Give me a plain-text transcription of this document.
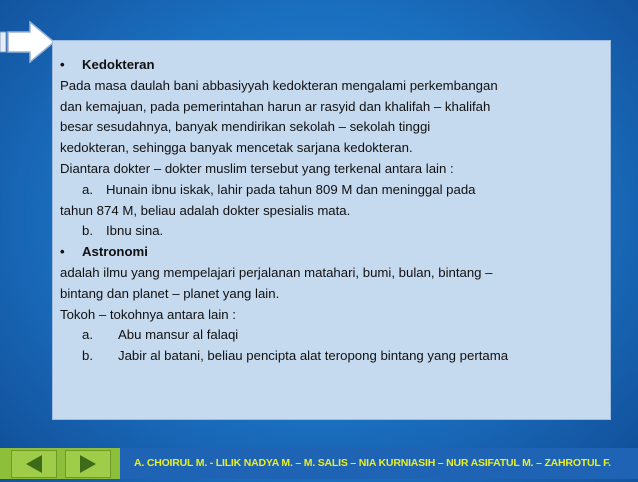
• Kedokteran
Pada masa daulah bani abbasiyyah kedokteran mengalami perkembangan
dan kemajuan, pada pemerintahan harun ar rasyid dan khalifah – khalifah
besar sesudahnya, banyak mendirikan sekolah – sekolah tinggi
kedokteran, sehingga banyak mencetak sarjana kedokteran.
Diantara dokter – dokter muslim tersebut yang terkenal antara lain :
a. Hunain ibnu iskak, lahir pada tahun 809 M dan meninggal pada
tahun 874 M, beliau adalah dokter spesialis mata.
b. Ibnu sina.
• Astronomi
adalah ilmu yang mempelajari perjalanan matahari, bumi, bulan, bintang –
bintang dan planet – planet yang lain.
Tokoh – tokohnya antara lain :
a. Abu mansur al falaqi
b. Jabir al batani, beliau pencipta alat teropong bintang yang pertama
A. CHOIRUL M. - LILIK NADYA M. – M. SALIS – NIA KURNIASIH – NUR ASIFATUL M. – ZAHROTUL F.
